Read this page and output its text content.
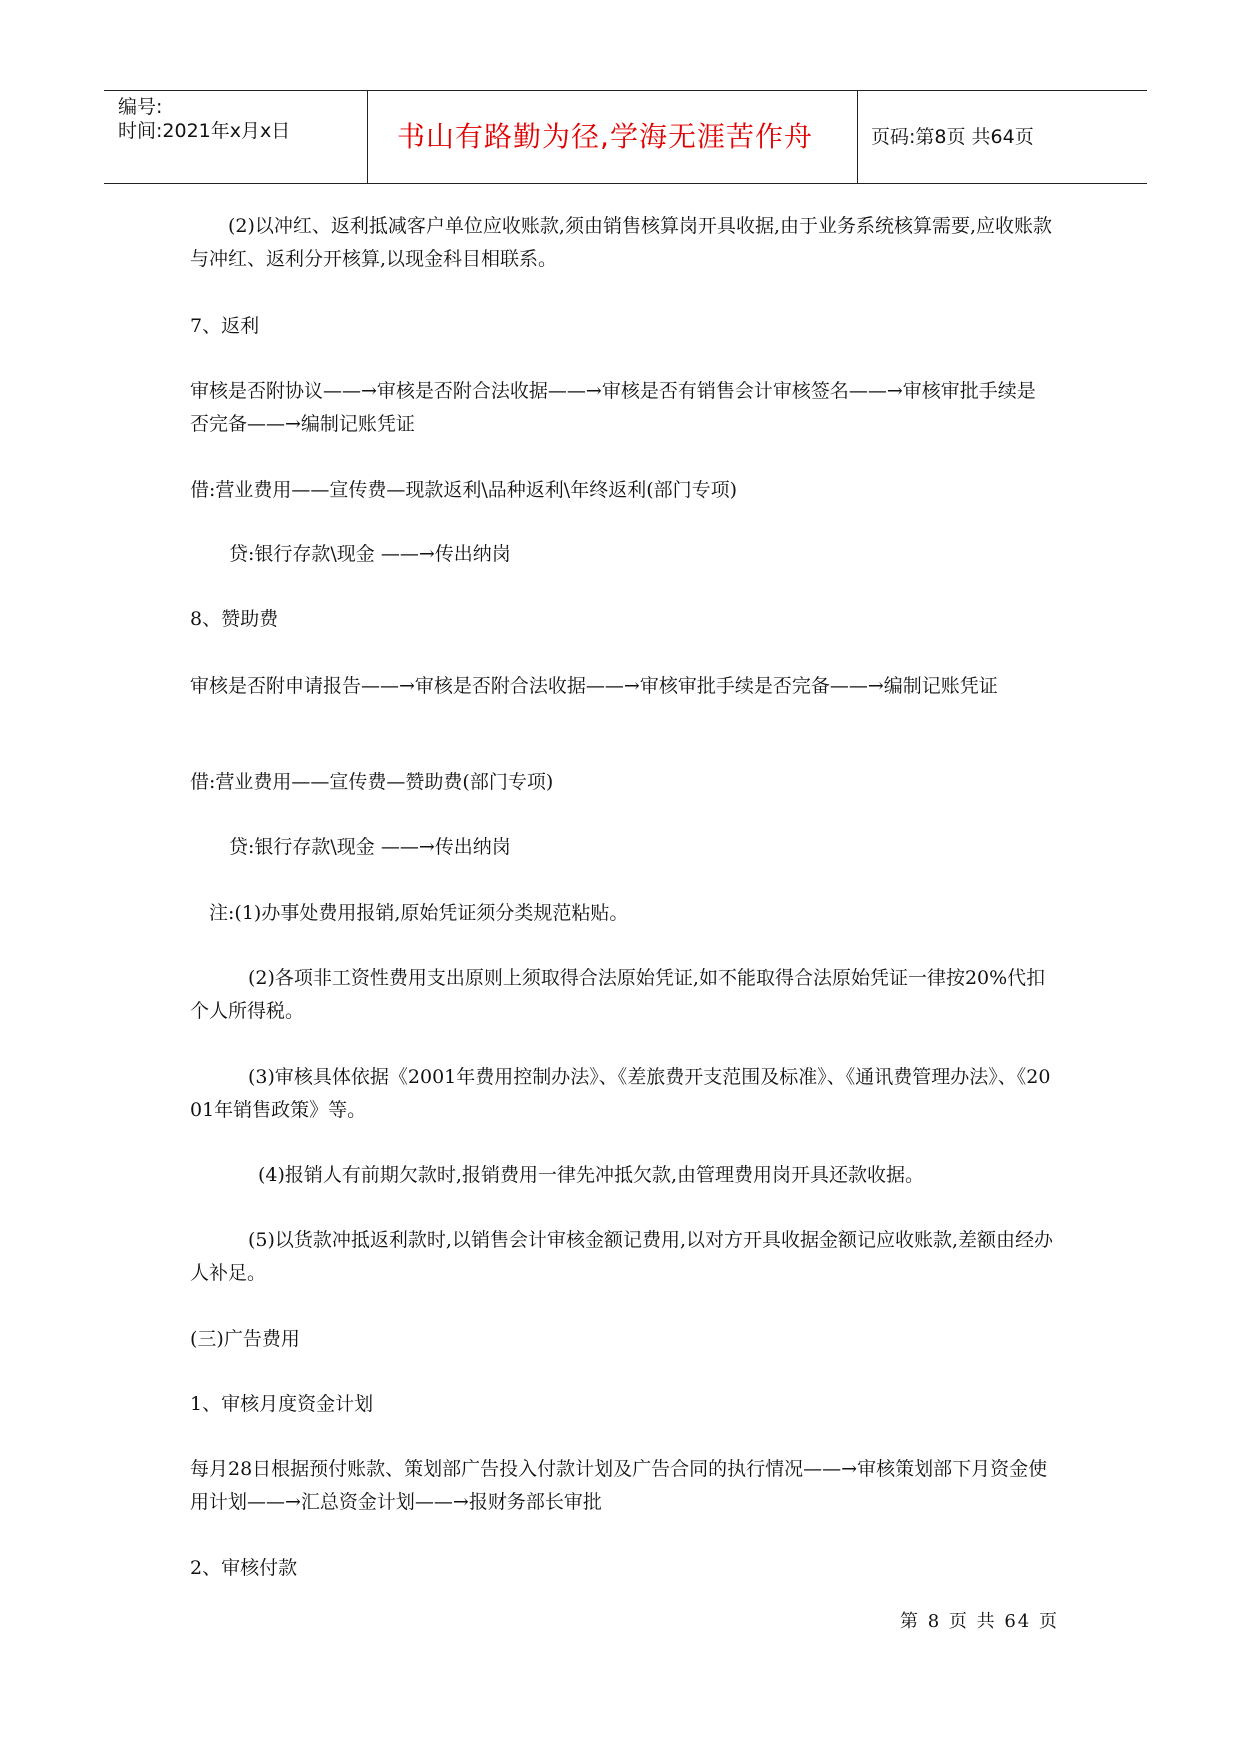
编号:
时间:2021年x月x日	书山有路勤为径,学海无涯苦作舟	页码:第8页 共64页
(2)以冲红、返利抵减客户单位应收账款,须由销售核算岗开具收据,由于业务系统核算需要,应收账款与冲红、返利分开核算,以现金科目相联系。
7、返利
审核是否附协议——→审核是否附合法收据——→审核是否有销售会计审核签名——→审核审批手续是否完备——→编制记账凭证
借:营业费用——宣传费—现款返利\品种返利\年终返利(部门专项)
贷:银行存款\现金 ——→传出纳岗
8、赞助费
审核是否附申请报告——→审核是否附合法收据——→审核审批手续是否完备——→编制记账凭证
借:营业费用——宣传费—赞助费(部门专项)
贷:银行存款\现金 ——→传出纳岗
注:(1)办事处费用报销,原始凭证须分类规范粘贴。
(2)各项非工资性费用支出原则上须取得合法原始凭证,如不能取得合法原始凭证一律按20%代扣个人所得税。
(3)审核具体依据《2001年费用控制办法》、《差旅费开支范围及标准》、《通讯费管理办法》、《2001年销售政策》等。
(4)报销人有前期欠款时,报销费用一律先冲抵欠款,由管理费用岗开具还款收据。
(5)以货款冲抵返利款时,以销售会计审核金额记费用,以对方开具收据金额记应收账款,差额由经办人补足。
(三)广告费用
1、审核月度资金计划
每月28日根据预付账款、策划部广告投入付款计划及广告合同的执行情况——→审核策划部下月资金使用计划——→汇总资金计划——→报财务部长审批
2、审核付款
第 8 页 共 64 页
